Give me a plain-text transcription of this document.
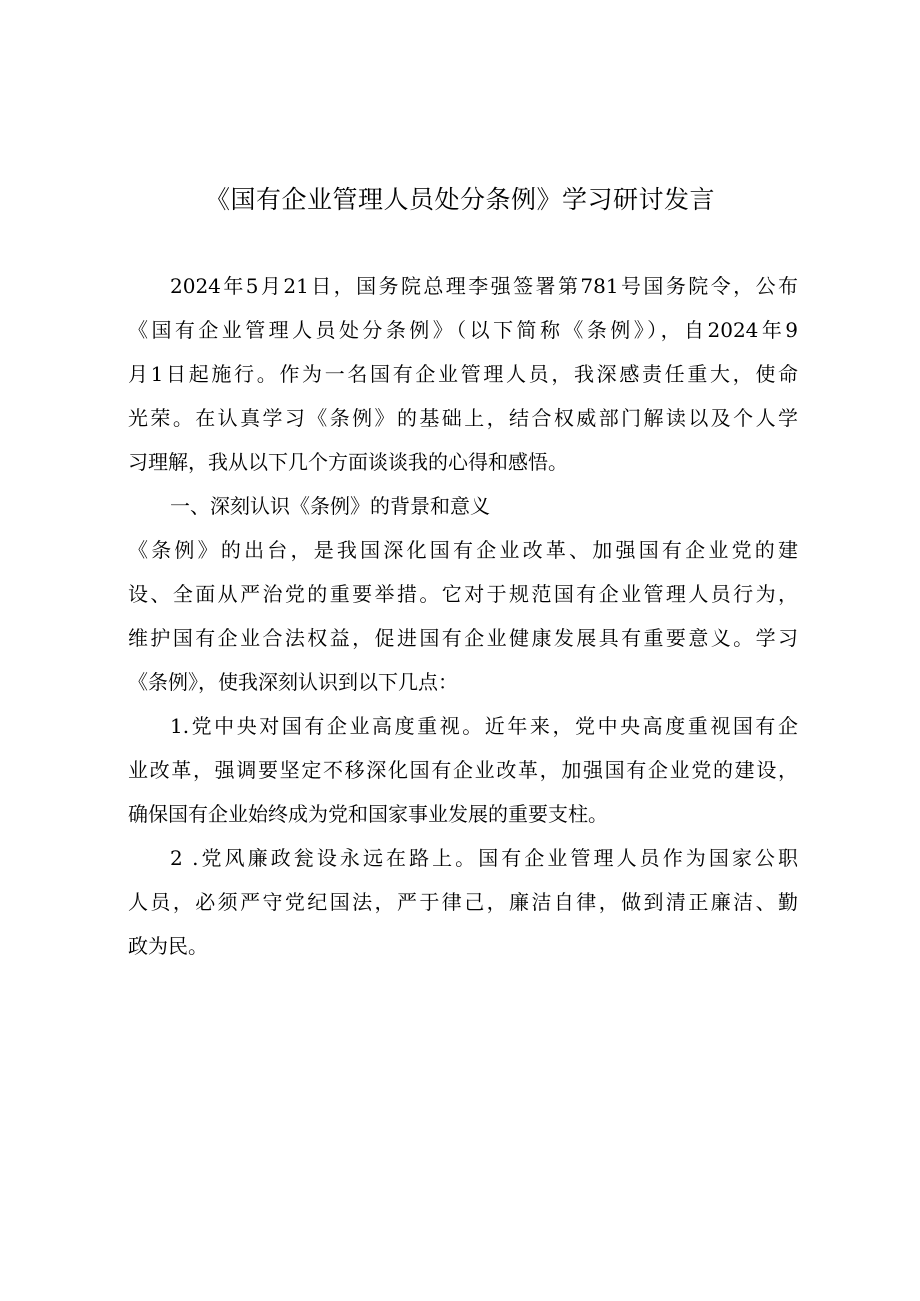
《国有企业管理人员处分条例》学习研讨发言
2024年5月21日，国务院总理李强签署第781号国务院令，公布
《国有企业管理人员处分条例》（以下简称《条例》），自2024年9
月1日起施行。作为一名国有企业管理人员，我深感责任重大，使命
光荣。在认真学习《条例》的基础上，结合权威部门解读以及个人学
习理解，我从以下几个方面谈谈我的心得和感悟。
一、深刻认识《条例》的背景和意义
《条例》的出台，是我国深化国有企业改革、加强国有企业党的建
设、全面从严治党的重要举措。它对于规范国有企业管理人员行为，
维护国有企业合法权益，促进国有企业健康发展具有重要意义。学习
《条例》，使我深刻认识到以下几点：
1.党中央对国有企业高度重视。近年来，党中央高度重视国有企
业改革，强调要坚定不移深化国有企业改革，加强国有企业党的建设，
确保国有企业始终成为党和国家事业发展的重要支柱。
2 .党风廉政瓮设永远在路上。国有企业管理人员作为国家公职
人员，必须严守党纪国法，严于律己，廉洁自律，做到清正廉洁、勤
政为民。
